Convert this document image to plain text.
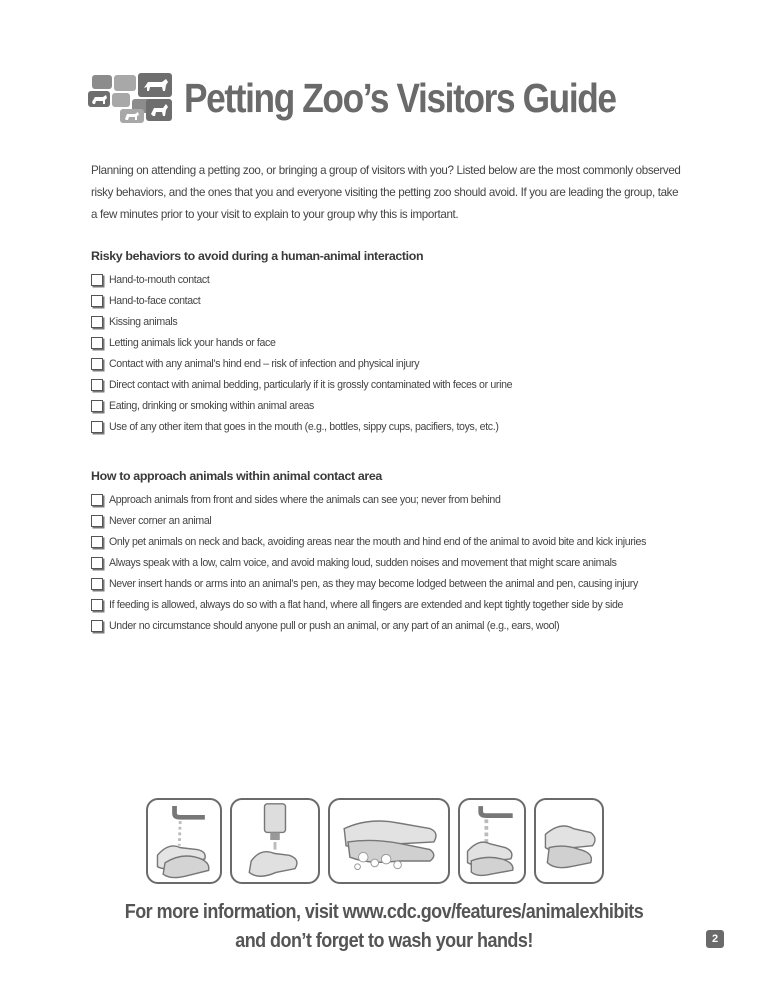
Petting Zoo’s Visitors Guide
Planning on attending a petting zoo, or bringing a group of visitors with you? Listed below are the most commonly observed risky behaviors, and the ones that you and everyone visiting the petting zoo should avoid. If you are leading the group, take a few minutes prior to your visit to explain to your group why this is important.
Risky behaviors to avoid during a human-animal interaction
Hand-to-mouth contact
Hand-to-face contact
Kissing animals
Letting animals lick your hands or face
Contact with any animal’s hind end – risk of infection and physical injury
Direct contact with animal bedding, particularly if it is grossly contaminated with feces or urine
Eating, drinking or smoking within animal areas
Use of any other item that goes in the mouth (e.g., bottles, sippy cups, pacifiers, toys, etc.)
How to approach animals within animal contact area
Approach animals from front and sides where the animals can see you; never from behind
Never corner an animal
Only pet animals on neck and back, avoiding areas near the mouth and hind end of the animal to avoid bite and kick injuries
Always speak with a low, calm voice, and avoid making loud, sudden noises and movement that might scare animals
Never insert hands or arms into an animal’s pen, as they may become lodged between the animal and pen, causing injury
If feeding is allowed, always do so with a flat hand, where all fingers are extended and kept tightly together side by side
Under no circumstance should anyone pull or push an animal, or any part of an animal (e.g., ears, wool)
For more information, visit www.cdc.gov/features/animalexhibits
and don’t forget to wash your hands!	2
